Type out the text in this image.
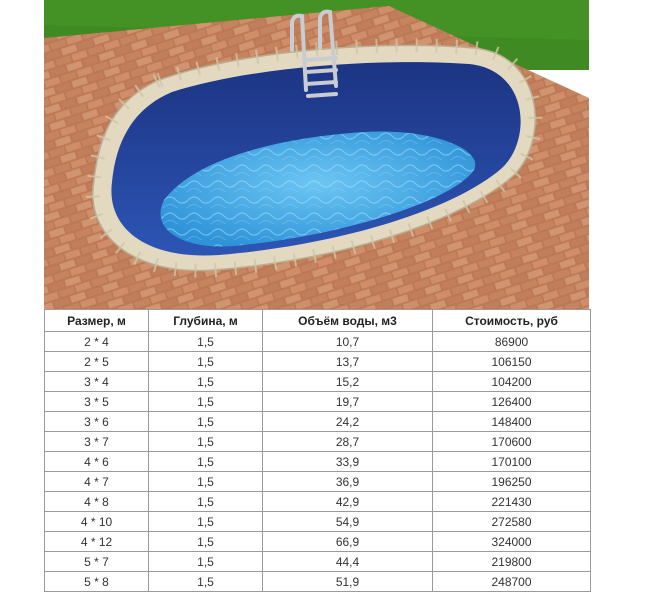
Размер, м	Глубина, м	Объём воды, м3	Стоимость, руб
2 * 4	1,5	10,7	86900
2 * 5	1,5	13,7	106150
3 * 4	1,5	15,2	104200
3 * 5	1,5	19,7	126400
3 * 6	1,5	24,2	148400
3 * 7	1,5	28,7	170600
4 * 6	1,5	33,9	170100
4 * 7	1,5	36,9	196250
4 * 8	1,5	42,9	221430
4 * 10	1,5	54,9	272580
4 * 12	1,5	66,9	324000
5 * 7	1,5	44,4	219800
5 * 8	1,5	51,9	248700
